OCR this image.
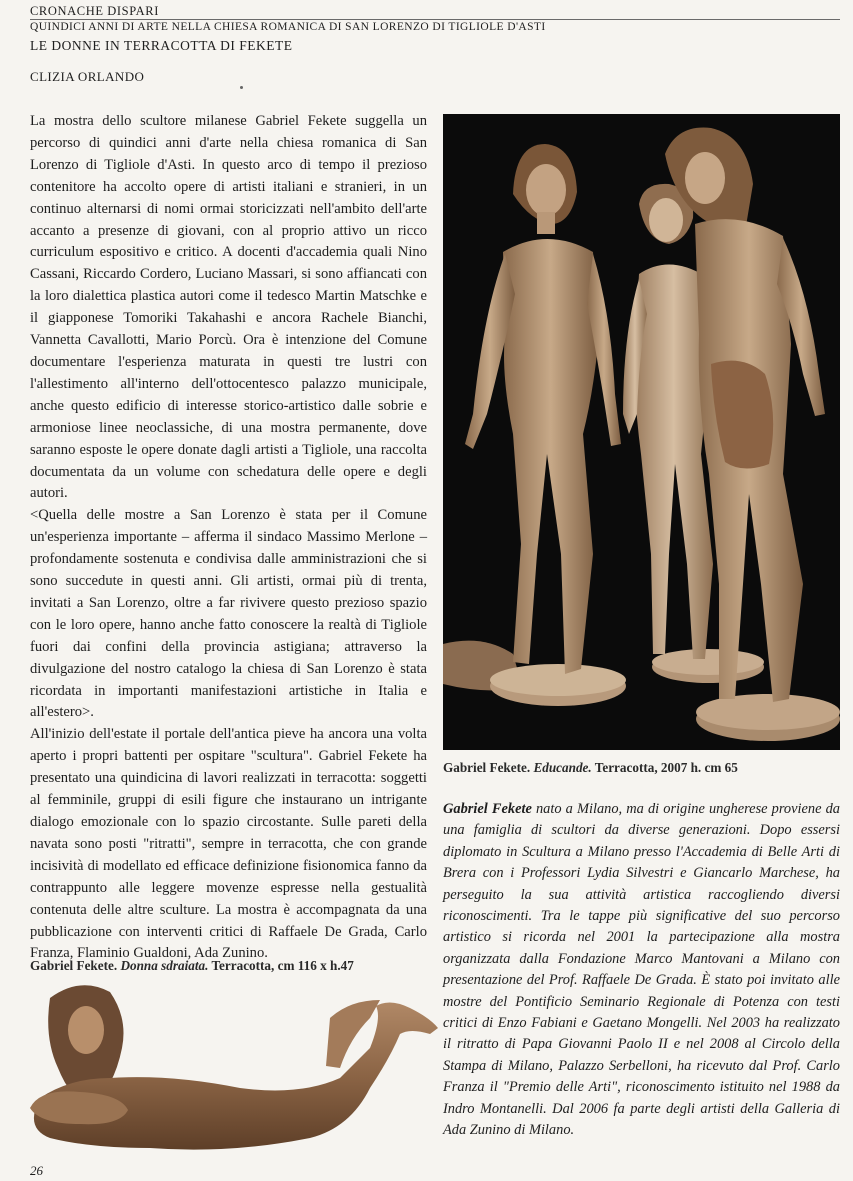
CRONACHE DISPARI
QUINDICI ANNI DI ARTE NELLA CHIESA ROMANICA DI SAN LORENZO DI TIGLIOLE D'ASTI
LE DONNE IN TERRACOTTA DI FEKETE
CLIZIA ORLANDO

La mostra dello scultore milanese Gabriel Fekete suggella un percorso di quindici anni d'arte nella chiesa romanica di San Lorenzo di Tigliole d'Asti. In questo arco di tempo il prezioso contenitore ha accolto opere di artisti italiani e stranieri, in un continuo alternarsi di nomi ormai storicizzati nell'ambito dell'arte accanto a presenze di giovani, con al proprio attivo un ricco curriculum espositivo e critico. A docenti d'accademia quali Nino Cassani, Riccardo Cordero, Luciano Massari, si sono affiancati con la loro dialettica plastica autori come il tedesco Martin Matschke e il giapponese Tomoriki Takahashi e ancora Rachele Bianchi, Vannetta Cavallotti, Mario Porcù. Ora è intenzione del Comune documentare l'esperienza maturata in questi tre lustri con l'allestimento all'interno dell'ottocentesco palazzo municipale, anche questo edificio di interesse storico-artistico dalle sobrie e armoniose linee neoclassiche, di una mostra permanente, dove saranno esposte le opere donate dagli artisti a Tigliole, una raccolta documentata da un volume con schedatura delle opere e degli autori.

<Quella delle mostre a San Lorenzo è stata per il Comune un'esperienza importante – afferma il sindaco Massimo Merlone – profondamente sostenuta e condivisa dalle amministrazioni che si sono succedute in questi anni. Gli artisti, ormai più di trenta, invitati a San Lorenzo, oltre a far rivivere questo prezioso spazio con le loro opere, hanno anche fatto conoscere la realtà di Tigliole fuori dai confini della provincia astigiana; attraverso la divulgazione del nostro catalogo la chiesa di San Lorenzo è stata ricordata in importanti manifestazioni artistiche in Italia e all'estero>.

All'inizio dell'estate il portale dell'antica pieve ha ancora una volta aperto i propri battenti per ospitare "scultura". Gabriel Fekete ha presentato una quindicina di lavori realizzati in terracotta: soggetti al femminile, gruppi di esili figure che instaurano un intrigante dialogo emozionale con lo spazio circostante. Sulle pareti della navata sono posti "ritratti", sempre in terracotta, che con grande incisività di modellato ed efficace definizione fisionomica fanno da contrappunto alle leggere movenze espresse nella gestualità contenuta delle altre sculture. La mostra è accompagnata da una pubblicazione con interventi critici di Raffaele De Grada, Carlo Franza, Flaminio Gualdoni, Ada Zunino.

Gabriel Fekete. Educande. Terracotta, 2007 h. cm 65
Gabriel Fekete nato a Milano, ma di origine ungherese proviene da una famiglia di scultori da diverse generazioni. Dopo essersi diplomato in Scultura a Milano presso l'Accademia di Belle Arti di Brera con i Professori Lydia Silvestri e Giancarlo Marchese, ha perseguito la sua attività artistica raccogliendo diversi riconoscimenti. Tra le tappe più significative del suo percorso artistico si ricorda nel 2001 la partecipazione alla mostra organizzata dalla Fondazione Marco Mantovani a Milano con presentazione del Prof. Raffaele De Grada. È stato poi invitato alle mostre del Pontificio Seminario Regionale di Potenza con testi critici di Enzo Fabiani e Gaetano Mongelli. Nel 2003 ha realizzato il ritratto di Papa Giovanni Paolo II e nel 2008 al Circolo della Stampa di Milano, Palazzo Serbelloni, ha ricevuto dal Prof. Carlo Franza il "Premio delle Arti", riconoscimento istituito nel 1988 da Indro Montanelli. Dal 2006 fa parte degli artisti della Galleria di Ada Zunino di Milano.
Gabriel Fekete. Donna sdraiata. Terracotta, cm 116 x h.47
26
